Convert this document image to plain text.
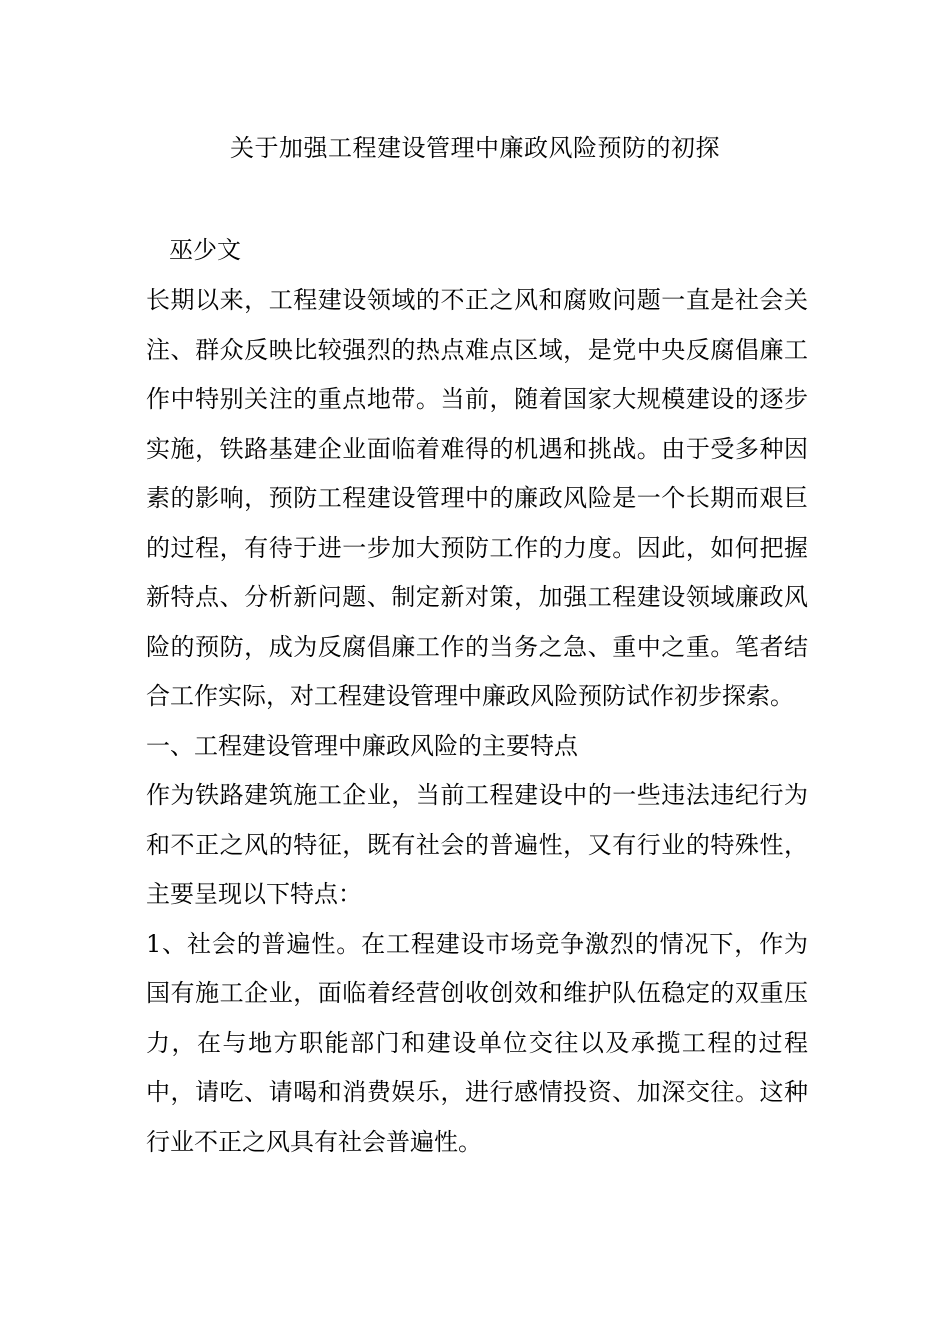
关于加强工程建设管理中廉政风险预防的初探
巫少文

长期以来，工程建设领域的不正之风和腐败问题一直是社会关注、群众反映比较强烈的热点难点区域，是党中央反腐倡廉工作中特别关注的重点地带。当前，随着国家大规模建设的逐步实施，铁路基建企业面临着难得的机遇和挑战。由于受多种因素的影响，预防工程建设管理中的廉政风险是一个长期而艰巨的过程，有待于进一步加大预防工作的力度。因此，如何把握新特点、分析新问题、制定新对策，加强工程建设领域廉政风险的预防，成为反腐倡廉工作的当务之急、重中之重。笔者结合工作实际，对工程建设管理中廉政风险预防试作初步探索。

一、工程建设管理中廉政风险的主要特点

作为铁路建筑施工企业，当前工程建设中的一些违法违纪行为和不正之风的特征，既有社会的普遍性，又有行业的特殊性，主要呈现以下特点：

1、社会的普遍性。在工程建设市场竞争激烈的情况下，作为国有施工企业，面临着经营创收创效和维护队伍稳定的双重压力，在与地方职能部门和建设单位交往以及承揽工程的过程中，请吃、请喝和消费娱乐，进行感情投资、加深交往。这种行业不正之风具有社会普遍性。
